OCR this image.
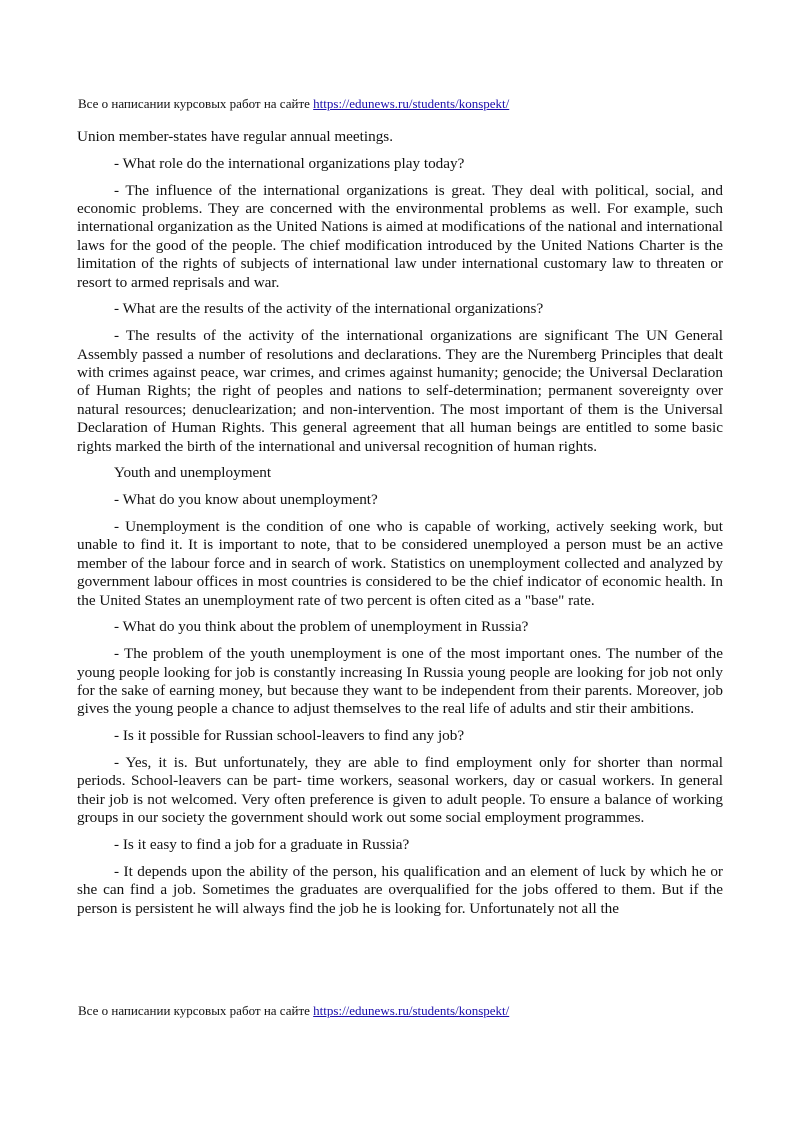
Все о написании курсовых работ на сайте https://edunews.ru/students/konspekt/

Union member-states have regular annual meetings.

- What role do the international organizations play today?

- The influence of the international organizations is great. They deal with political, social, and economic problems. They are concerned with the environmental problems as well. For example, such international organization as the United Nations is aimed at modifications of the national and international laws for the good of the people. The chief modification introduced by the United Nations Charter is the limitation of the rights of subjects of international law under international customary law to threaten or resort to armed reprisals and war.

- What are the results of the activity of the international organizations?

- The results of the activity of the international organizations are significant The UN General Assembly passed a number of resolutions and declarations. They are the Nuremberg Principles that dealt with crimes against peace, war crimes, and crimes against humanity; genocide; the Universal Declaration of Human Rights; the right of peoples and nations to self-determination; permanent sovereignty over natural resources; denuclearization; and non-intervention. The most important of them is the Universal Declaration of Human Rights. This general agreement that all human beings are entitled to some basic rights marked the birth of the international and universal recognition of human rights.

Youth and unemployment

- What do you know about unemployment?

- Unemployment is the condition of one who is capable of working, actively seeking work, but unable to find it. It is important to note, that to be considered unemployed a person must be an active member of the labour force and in search of work. Statistics on unemployment collected and analyzed by government labour offices in most countries is considered to be the chief indicator of economic health. In the United States an unemployment rate of two percent is often cited as a "base" rate.

- What do you think about the problem of unemployment in Russia?

- The problem of the youth unemployment is one of the most important ones. The number of the young people looking for job is constantly increasing In Russia young people are looking for job not only for the sake of earning money, but because they want to be independent from their parents. Moreover, job gives the young people a chance to adjust themselves to the real life of adults and stir their ambitions.

- Is it possible for Russian school-leavers to find any job?

- Yes, it is. But unfortunately, they are able to find employment only for shorter than normal periods. School-leavers can be part- time workers, seasonal workers, day or casual workers. In general their job is not welcomed. Very often preference is given to adult people. To ensure a balance of working groups in our society the government should work out some social employment programmes.

- Is it easy to find a job for a graduate in Russia?

- It depends upon the ability of the person, his qualification and an element of luck by which he or she can find a job. Sometimes the graduates are overqualified for the jobs offered to them. But if the person is persistent he will always find the job he is looking for. Unfortunately not all the

Все о написании курсовых работ на сайте https://edunews.ru/students/konspekt/
